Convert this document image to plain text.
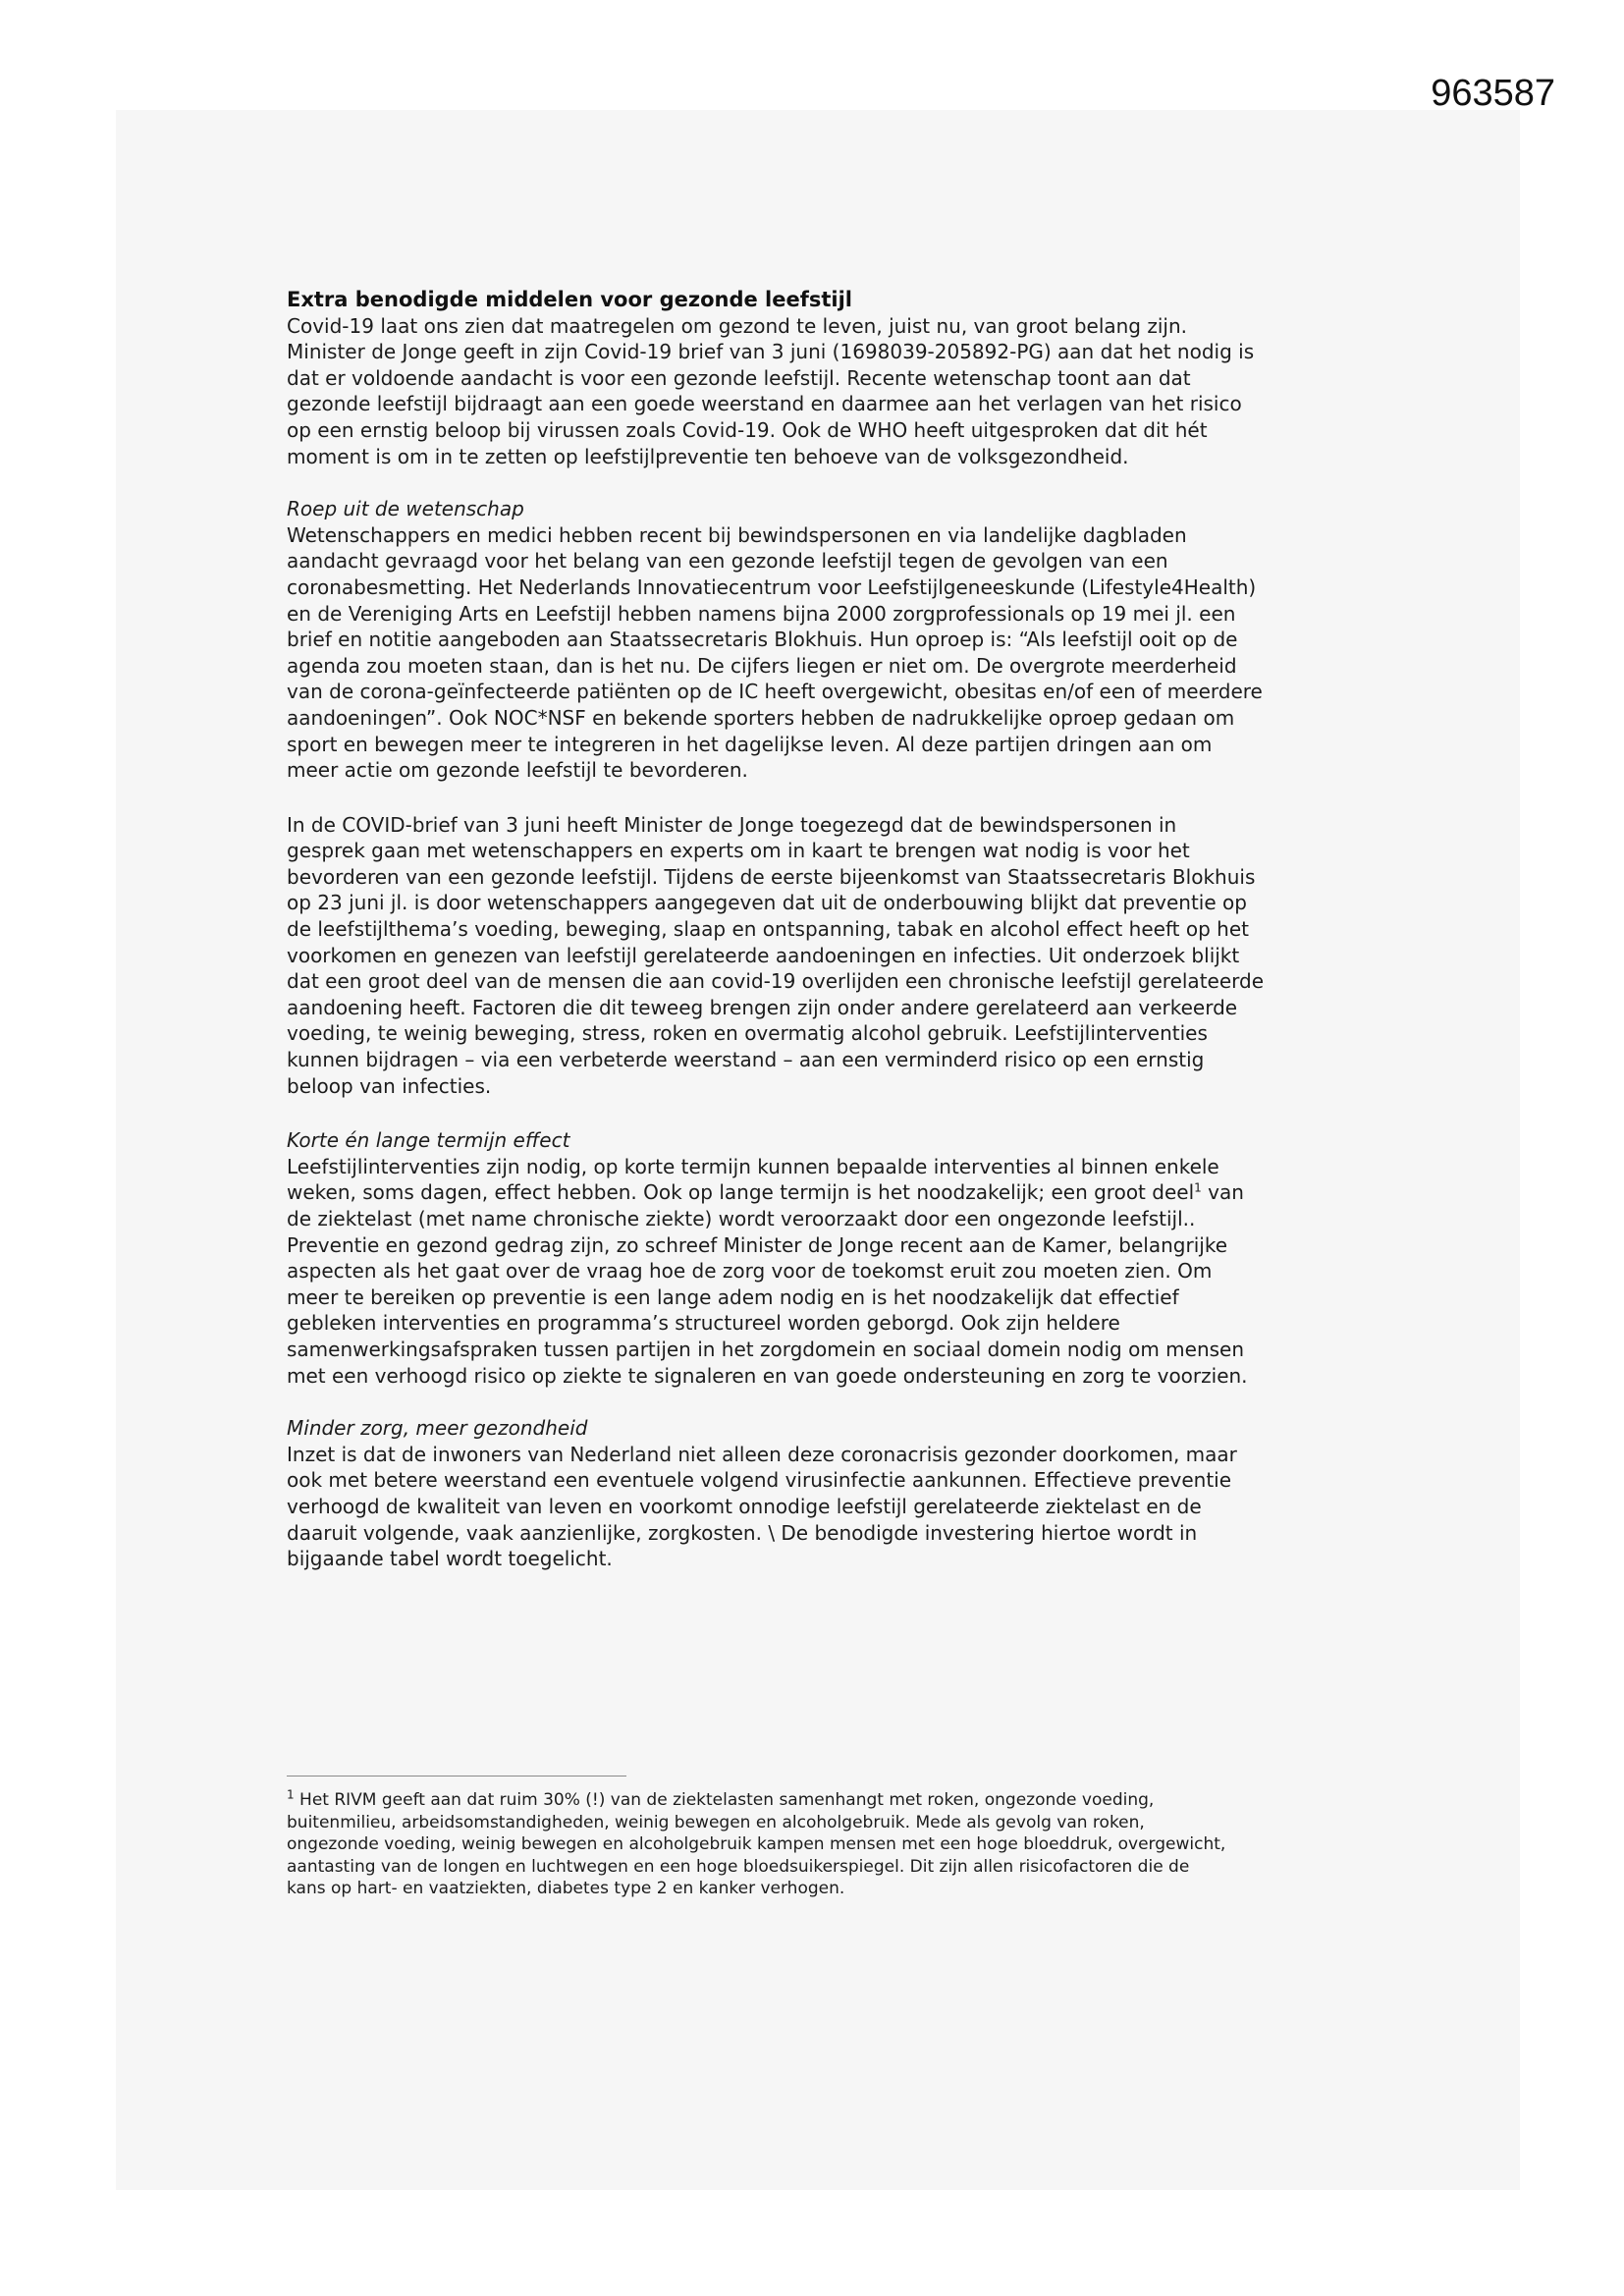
963587

Extra benodigde middelen voor gezonde leefstijl

Covid-19 laat ons zien dat maatregelen om gezond te leven, juist nu, van groot belang zijn.

Minister de Jonge geeft in zijn Covid-19 brief van 3 juni (1698039-205892-PG) aan dat het nodig is

dat er voldoende aandacht is voor een gezonde leefstijl. Recente wetenschap toont aan dat

gezonde leefstijl bijdraagt aan een goede weerstand en daarmee aan het verlagen van het risico

op een ernstig beloop bij virussen zoals Covid-19. Ook de WHO heeft uitgesproken dat dit hét

moment is om in te zetten op leefstijlpreventie ten behoeve van de volksgezondheid.

Roep uit de wetenschap

Wetenschappers en medici hebben recent bij bewindspersonen en via landelijke dagbladen

aandacht gevraagd voor het belang van een gezonde leefstijl tegen de gevolgen van een

coronabesmetting. Het Nederlands Innovatiecentrum voor Leefstijlgeneeskunde (Lifestyle4Health)

en de Vereniging Arts en Leefstijl hebben namens bijna 2000 zorgprofessionals op 19 mei jl. een

brief en notitie aangeboden aan Staatssecretaris Blokhuis. Hun oproep is: “Als leefstijl ooit op de

agenda zou moeten staan, dan is het nu. De cijfers liegen er niet om. De overgrote meerderheid

van de corona-geïnfecteerde patiënten op de IC heeft overgewicht, obesitas en/of een of meerdere

aandoeningen”. Ook NOC*NSF en bekende sporters hebben de nadrukkelijke oproep gedaan om

sport en bewegen meer te integreren in het dagelijkse leven. Al deze partijen dringen aan om

meer actie om gezonde leefstijl te bevorderen.

In de COVID-brief van 3 juni heeft Minister de Jonge toegezegd dat de bewindspersonen in

gesprek gaan met wetenschappers en experts om in kaart te brengen wat nodig is voor het

bevorderen van een gezonde leefstijl. Tijdens de eerste bijeenkomst van Staatssecretaris Blokhuis

op 23 juni jl. is door wetenschappers aangegeven dat uit de onderbouwing blijkt dat preventie op

de leefstijlthema’s voeding, beweging, slaap en ontspanning, tabak en alcohol effect heeft op het

voorkomen en genezen van leefstijl gerelateerde aandoeningen en infecties. Uit onderzoek blijkt

dat een groot deel van de mensen die aan covid-19 overlijden een chronische leefstijl gerelateerde

aandoening heeft. Factoren die dit teweeg brengen zijn onder andere gerelateerd aan verkeerde

voeding, te weinig beweging, stress, roken en overmatig alcohol gebruik. Leefstijlinterventies

kunnen bijdragen – via een verbeterde weerstand – aan een verminderd risico op een ernstig

beloop van infecties.

Korte én lange termijn effect

Leefstijlinterventies zijn nodig, op korte termijn kunnen bepaalde interventies al binnen enkele

weken, soms dagen, effect hebben. Ook op lange termijn is het noodzakelijk; een groot deel$^1$ van

de ziektelast (met name chronische ziekte) wordt veroorzaakt door een ongezonde leefstijl..

Preventie en gezond gedrag zijn, zo schreef Minister de Jonge recent aan de Kamer, belangrijke

aspecten als het gaat over de vraag hoe de zorg voor de toekomst eruit zou moeten zien. Om

meer te bereiken op preventie is een lange adem nodig en is het noodzakelijk dat effectief

gebleken interventies en programma’s structureel worden geborgd. Ook zijn heldere

samenwerkingsafspraken tussen partijen in het zorgdomein en sociaal domein nodig om mensen

met een verhoogd risico op ziekte te signaleren en van goede ondersteuning en zorg te voorzien.

Minder zorg, meer gezondheid

Inzet is dat de inwoners van Nederland niet alleen deze coronacrisis gezonder doorkomen, maar

ook met betere weerstand een eventuele volgend virusinfectie aankunnen. Effectieve preventie

verhoogd de kwaliteit van leven en voorkomt onnodige leefstijl gerelateerde ziektelast en de

daaruit volgende, vaak aanzienlijke, zorgkosten. \ De benodigde investering hiertoe wordt in

bijgaande tabel wordt toegelicht.

$^1$ Het RIVM geeft aan dat ruim 30% (!) van de ziektelasten samenhangt met roken, ongezonde voeding,

buitenmilieu, arbeidsomstandigheden, weinig bewegen en alcoholgebruik. Mede als gevolg van roken,

ongezonde voeding, weinig bewegen en alcoholgebruik kampen mensen met een hoge bloeddruk, overgewicht,

aantasting van de longen en luchtwegen en een hoge bloedsuikerspiegel. Dit zijn allen risicofactoren die de

kans op hart- en vaatziekten, diabetes type 2 en kanker verhogen.
